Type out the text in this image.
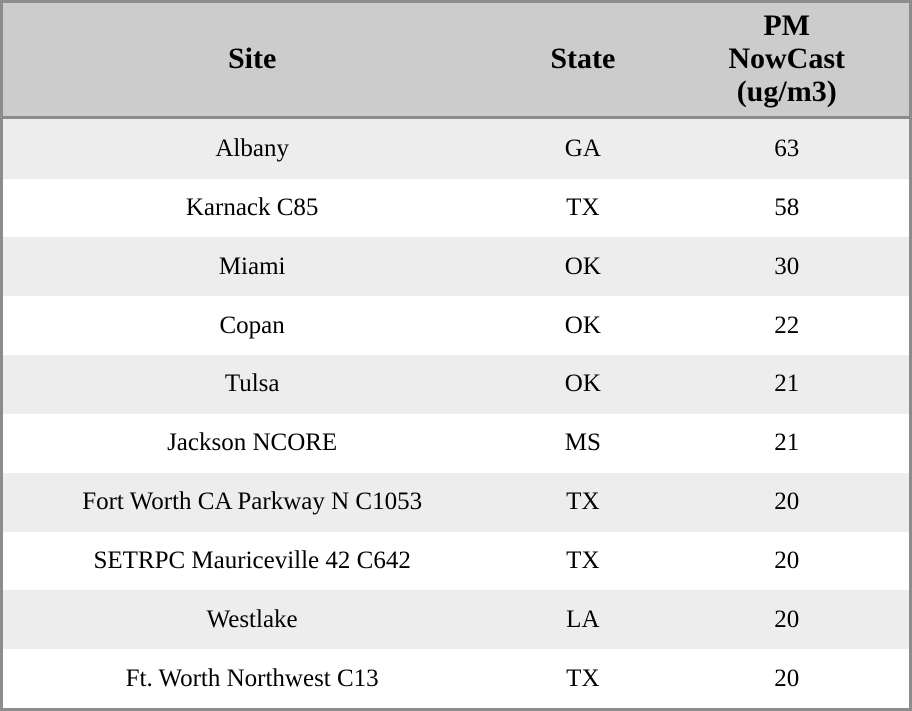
Site	State	PM
NowCast
(ug/m3)

Albany	GA	63
Karnack C85	TX	58
Miami	OK	30
Copan	OK	22
Tulsa	OK	21
Jackson NCORE	MS	21
Fort Worth CA Parkway N C1053	TX	20
SETRPC Mauriceville 42 C642	TX	20
Westlake	LA	20
Ft. Worth Northwest C13	TX	20
